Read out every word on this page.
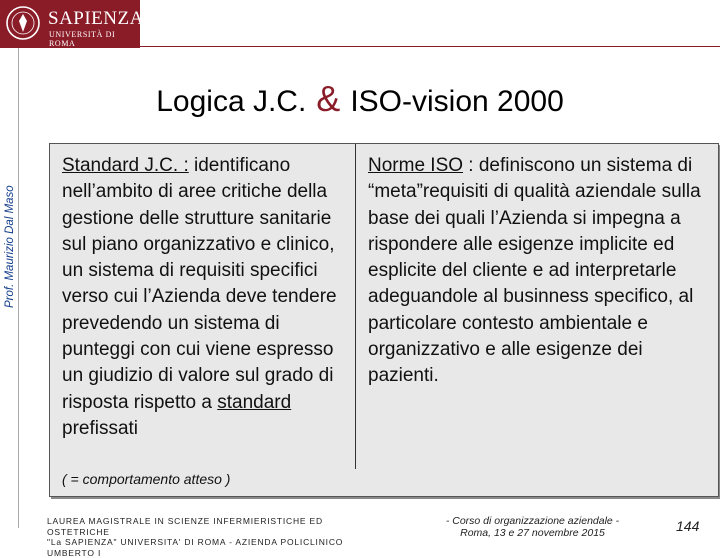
SAPIENZA
UNIVERSITÀ DI ROMA
Prof. Maurizio Dal Maso
Logica J.C. & ISO-vision 2000
Standard J.C. : identificano nell’ambito di aree critiche della gestione delle strutture sanitarie sul piano organizzativo e clinico, un sistema di requisiti specifici verso cui l’Azienda deve tendere prevedendo un sistema di punteggi con cui viene espresso un giudizio di valore sul grado di risposta rispetto a standard prefissati
Norme ISO : definiscono un sistema di “meta”requisiti di qualità aziendale sulla base dei quali l’Azienda si impegna a rispondere alle esigenze implicite ed esplicite del cliente e ad interpretarle adeguandole al businness specifico, al particolare contesto ambientale e organizzativo e alle esigenze dei pazienti.
( = comportamento atteso )
LAUREA MAGISTRALE IN SCIENZE INFERMIERISTICHE ED OSTETRICHE
"La SAPIENZA" UNIVERSITA' DI ROMA - AZIENDA POLICLINICO UMBERTO I
- Corso di organizzazione aziendale -
Roma, 13 e 27 novembre 2015	144
